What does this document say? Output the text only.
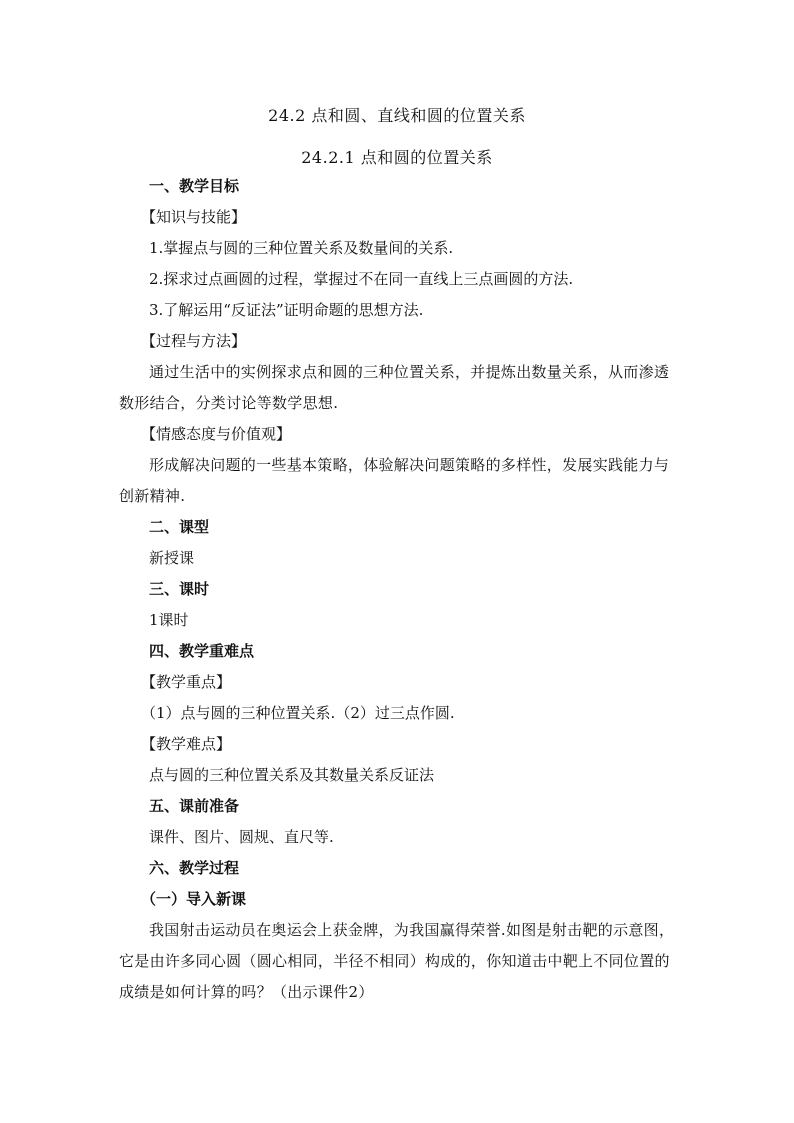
24.2 点和圆、直线和圆的位置关系
24.2.1 点和圆的位置关系
一、教学目标
【知识与技能】
1.掌握点与圆的三种位置关系及数量间的关系.
2.探求过点画圆的过程，掌握过不在同一直线上三点画圆的方法.
3.了解运用“反证法”证明命题的思想方法.
【过程与方法】
通过生活中的实例探求点和圆的三种位置关系，并提炼出数量关系，从而渗透数形结合，分类讨论等数学思想.
【情感态度与价值观】
形成解决问题的一些基本策略，体验解决问题策略的多样性，发展实践能力与创新精神.
二、课型
新授课
三、课时
1课时
四、教学重难点
【教学重点】
（1）点与圆的三种位置关系.（2）过三点作圆.
【教学难点】
点与圆的三种位置关系及其数量关系反证法
五、课前准备
课件、图片、圆规、直尺等.
六、教学过程
（一）导入新课
我国射击运动员在奥运会上获金牌，为我国赢得荣誉.如图是射击靶的示意图，它是由许多同心圆（圆心相同，半径不相同）构成的，你知道击中靶上不同位置的成绩是如何计算的吗？（出示课件2）
